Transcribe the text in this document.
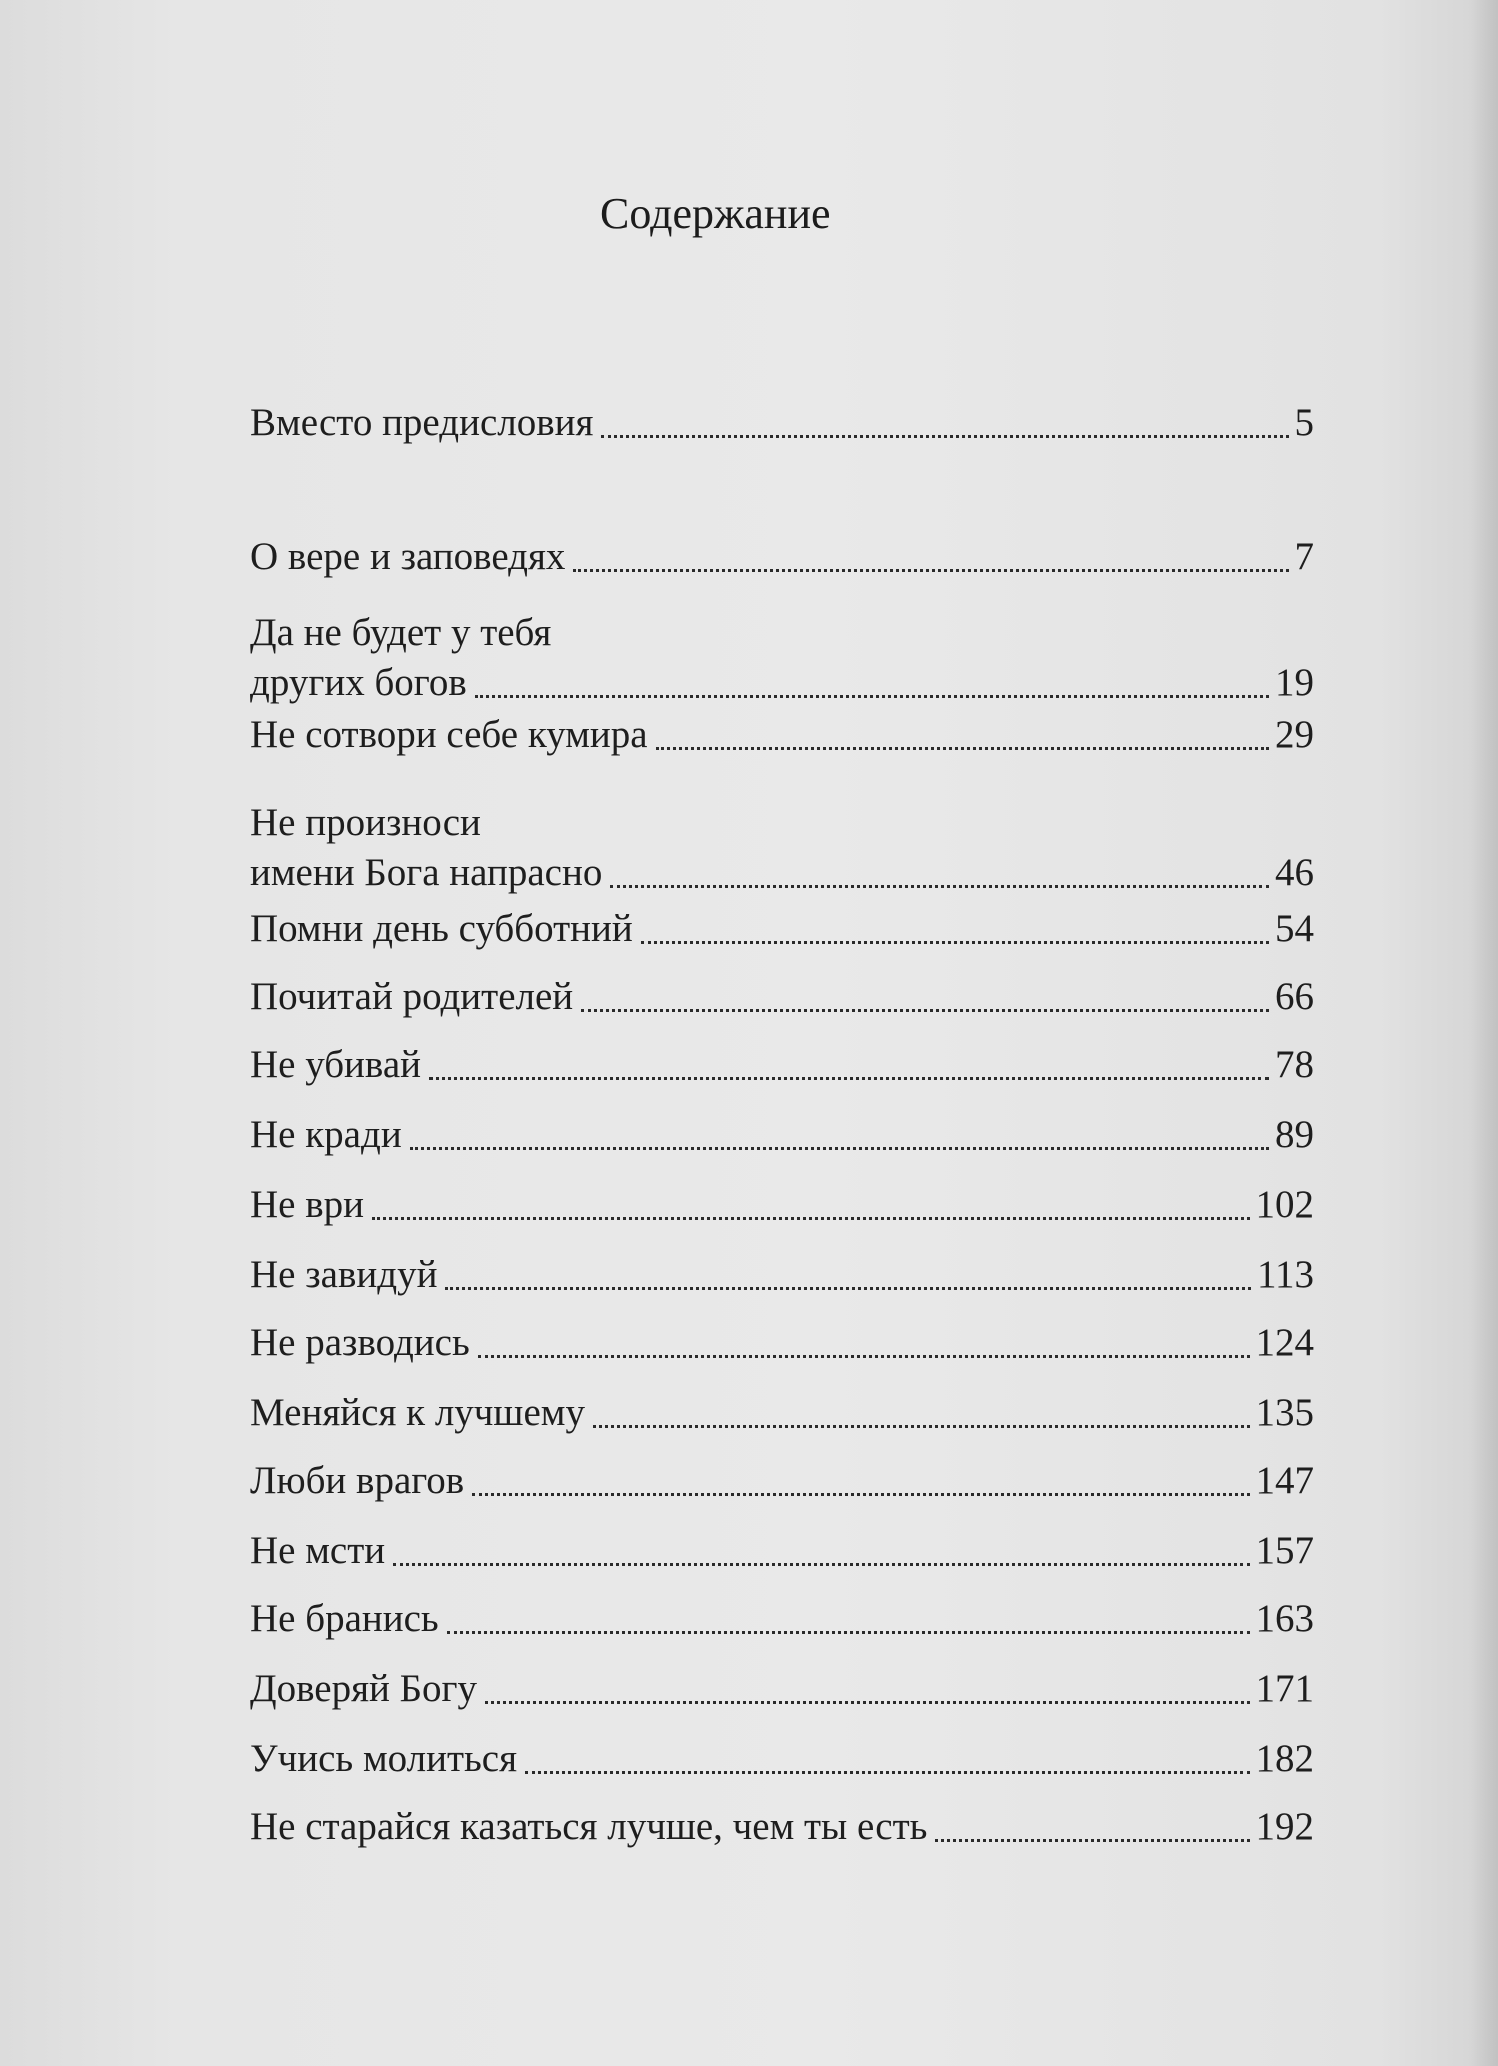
Содержание
Вместо предисловия	5
О вере и заповедях	7
Да не будет у тебя
других богов	19
Не сотвори себе кумира	29
Не произноси
имени Бога напрасно	46
Помни день субботний	54
Почитай родителей	66
Не убивай	78
Не кради	89
Не ври	102
Не завидуй	113
Не разводись	124
Меняйся к лучшему	135
Люби врагов	147
Не мсти	157
Не бранись	163
Доверяй Богу	171
Учись молиться	182
Не старайся казаться лучше, чем ты есть	192
